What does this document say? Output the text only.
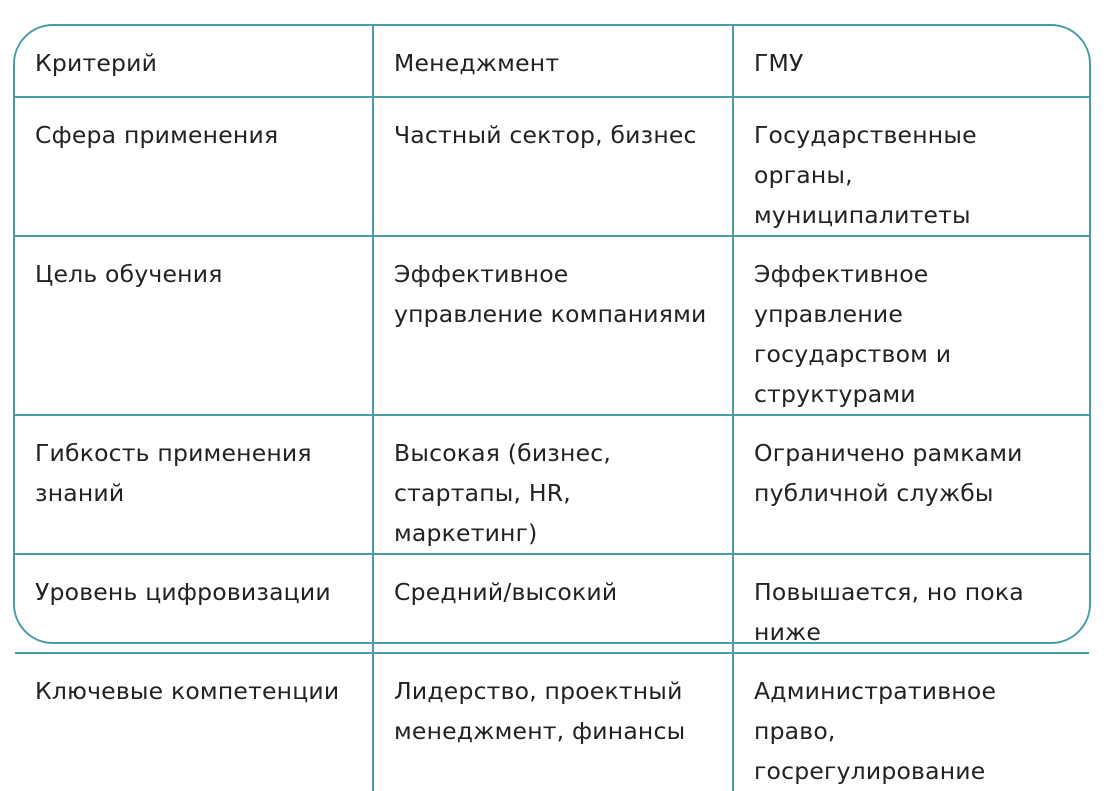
Критерий	Менеджмент	ГМУ

Сфера применения	Частный сектор, бизнес	Государственные органы, муниципалитеты

Цель обучения	Эффективное управление компаниями	Эффективное управление государством и структурами

Гибкость применения знаний	Высокая (бизнес, стартапы, HR, маркетинг)	Ограничено рамками публичной службы

Уровень цифровизации	Средний/высокий	Повышается, но пока ниже

Ключевые компетенции	Лидерство, проектный менеджмент, финансы	Административное право, госрегулирование
